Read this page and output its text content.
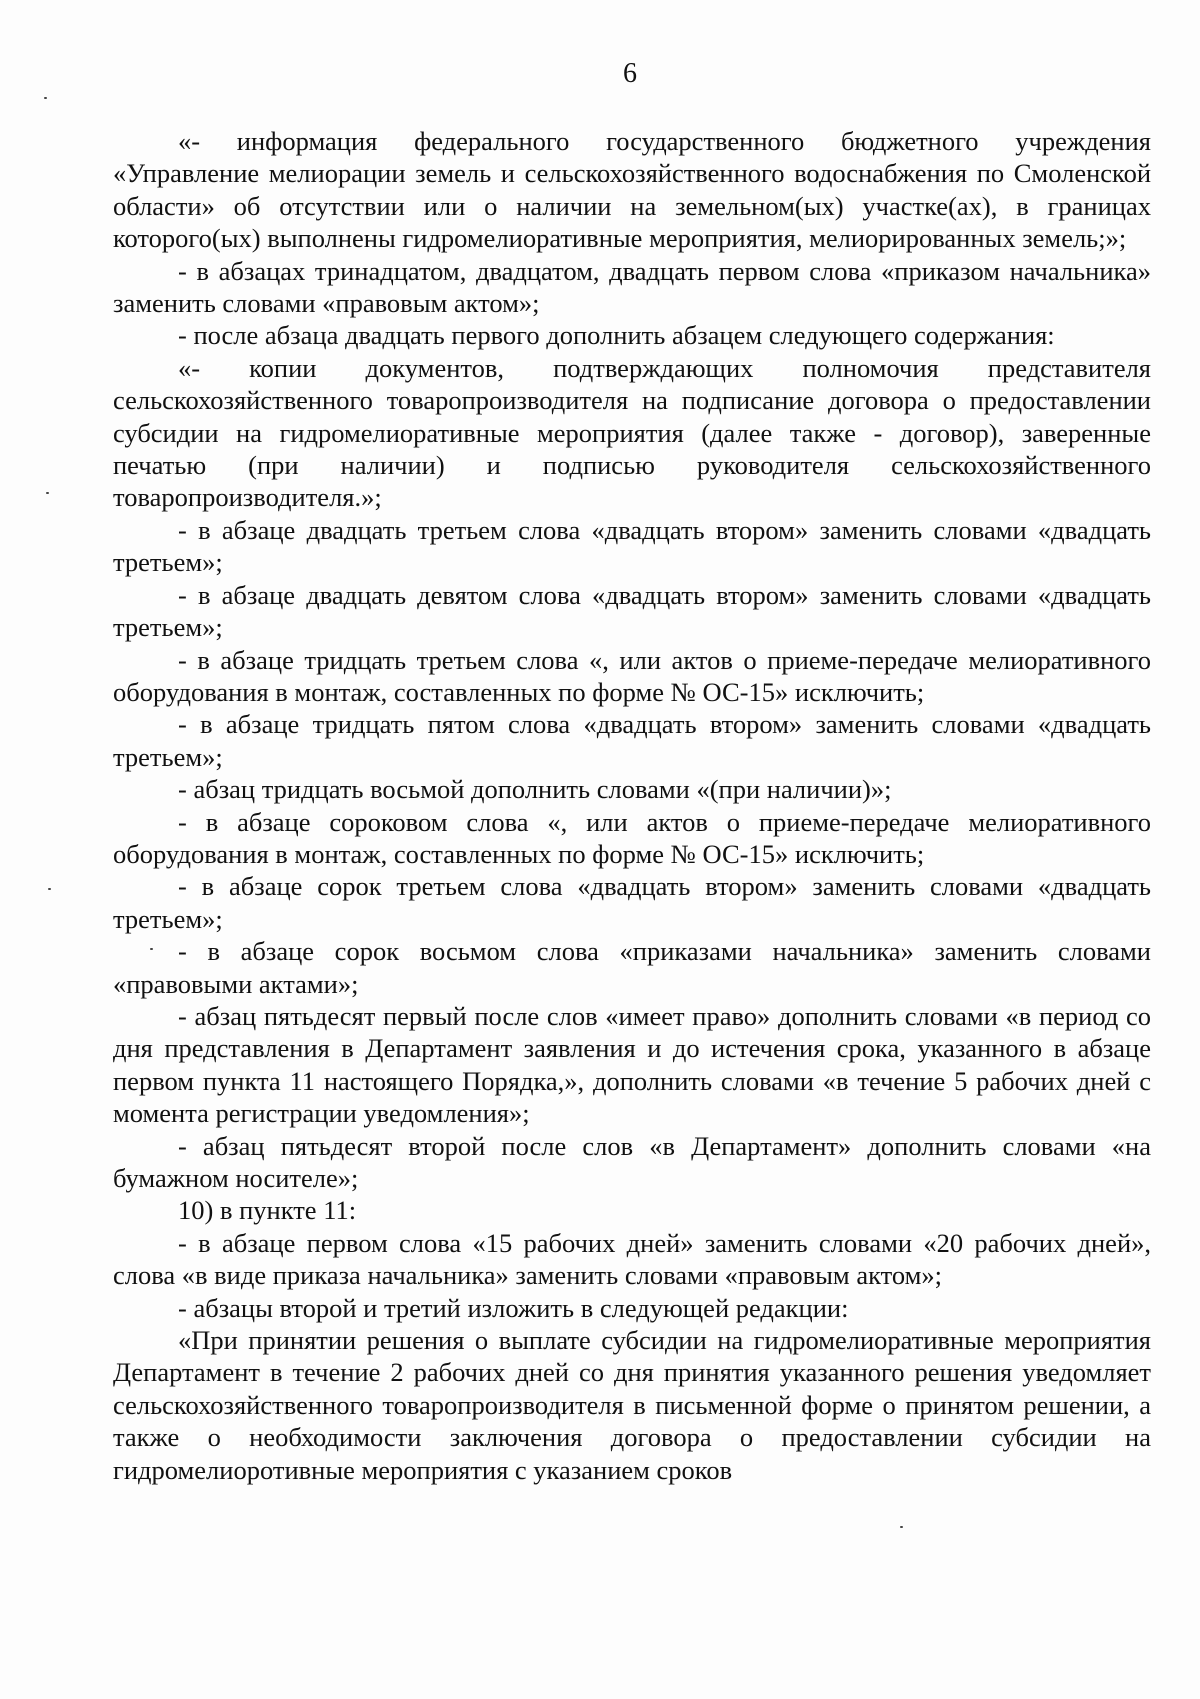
6

«- информация федерального государственного бюджетного учреждения «Управление мелиорации земель и сельскохозяйственного водоснабжения по Смоленской области» об отсутствии или о наличии на земельном(ых) участке(ах), в границах которого(ых) выполнены гидромелиоративные мероприятия, мелиорированных земель;»;

- в абзацах тринадцатом, двадцатом, двадцать первом слова «приказом начальника» заменить словами «правовым актом»;

- после абзаца двадцать первого дополнить абзацем следующего содержания:

«- копии документов, подтверждающих полномочия представителя сельскохозяйственного товаропроизводителя на подписание договора о предоставлении субсидии на гидромелиоративные мероприятия (далее также - договор), заверенные печатью (при наличии) и подписью руководителя сельскохозяйственного товаропроизводителя.»;

- в абзаце двадцать третьем слова «двадцать втором» заменить словами «двадцать третьем»;

- в абзаце двадцать девятом слова «двадцать втором» заменить словами «двадцать третьем»;

- в абзаце тридцать третьем слова «, или актов о приеме-передаче мелиоративного оборудования в монтаж, составленных по форме № ОС-15» исключить;

- в абзаце тридцать пятом слова «двадцать втором» заменить словами «двадцать третьем»;

- абзац тридцать восьмой дополнить словами «(при наличии)»;

- в абзаце сороковом слова «, или актов о приеме-передаче мелиоративного оборудования в монтаж, составленных по форме № ОС-15» исключить;

- в абзаце сорок третьем слова «двадцать втором» заменить словами «двадцать третьем»;

- в абзаце сорок восьмом слова «приказами начальника» заменить словами «правовыми актами»;

- абзац пятьдесят первый после слов «имеет право» дополнить словами «в период со дня представления в Департамент заявления и до истечения срока, указанного в абзаце первом пункта 11 настоящего Порядка,», дополнить словами «в течение 5 рабочих дней с момента регистрации уведомления»;

- абзац пятьдесят второй после слов «в Департамент» дополнить словами «на бумажном носителе»;

10) в пункте 11:

- в абзаце первом слова «15 рабочих дней» заменить словами «20 рабочих дней», слова «в виде приказа начальника» заменить словами «правовым актом»;

- абзацы второй и третий изложить в следующей редакции:

«При принятии решения о выплате субсидии на гидромелиоративные мероприятия Департамент в течение 2 рабочих дней со дня принятия указанного решения уведомляет сельскохозяйственного товаропроизводителя в письменной форме о принятом решении, а также о необходимости заключения договора о предоставлении субсидии на гидромелиоротивные мероприятия с указанием сроков
